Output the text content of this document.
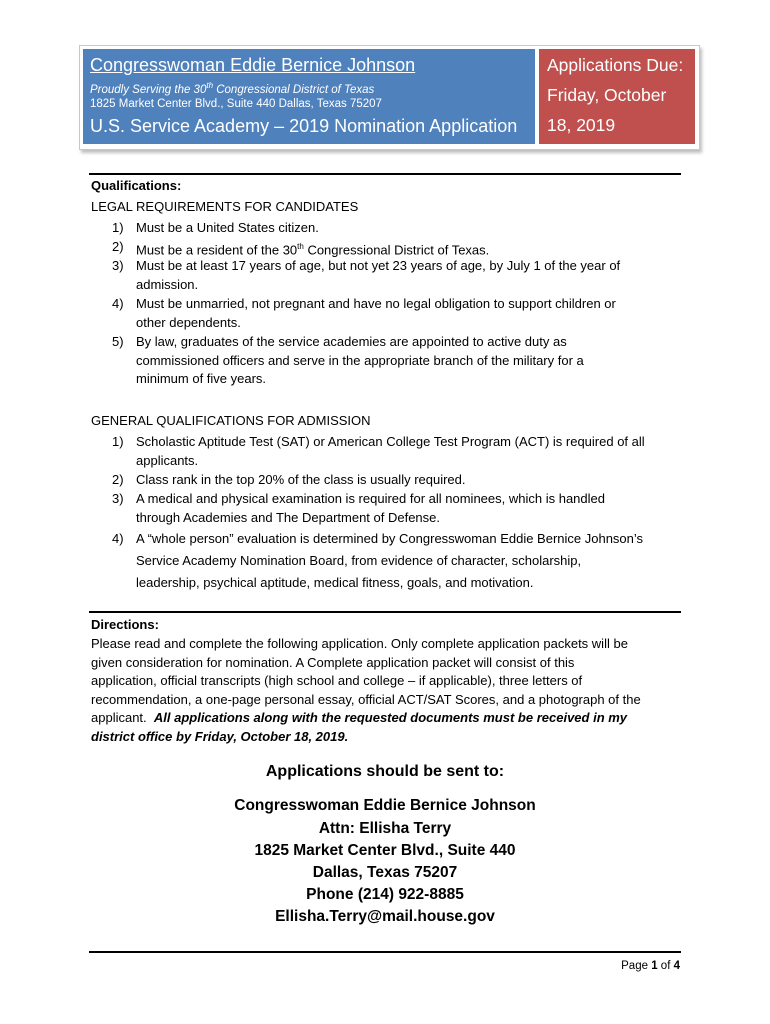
Congresswoman Eddie Bernice Johnson
Proudly Serving the 30th Congressional District of Texas
1825 Market Center Blvd., Suite 440 Dallas, Texas 75207
U.S. Service Academy – 2019 Nomination Application
Applications Due:
Friday, October
18, 2019
Qualifications:
LEGAL REQUIREMENTS FOR CANDIDATES
1) Must be a United States citizen.
2) Must be a resident of the 30th Congressional District of Texas.
3) Must be at least 17 years of age, but not yet 23 years of age, by July 1 of the year of
admission.
4) Must be unmarried, not pregnant and have no legal obligation to support children or
other dependents.
5) By law, graduates of the service academies are appointed to active duty as
commissioned officers and serve in the appropriate branch of the military for a
minimum of five years.
GENERAL QUALIFICATIONS FOR ADMISSION
1) Scholastic Aptitude Test (SAT) or American College Test Program (ACT) is required of all
applicants.
2) Class rank in the top 20% of the class is usually required.
3) A medical and physical examination is required for all nominees, which is handled
through Academies and The Department of Defense.
4) A “whole person” evaluation is determined by Congresswoman Eddie Bernice Johnson’s
Service Academy Nomination Board, from evidence of character, scholarship,
leadership, psychical aptitude, medical fitness, goals, and motivation.
Directions:
Please read and complete the following application. Only complete application packets will be
given consideration for nomination. A Complete application packet will consist of this
application, official transcripts (high school and college – if applicable), three letters of
recommendation, a one-page personal essay, official ACT/SAT Scores, and a photograph of the
applicant.  All applications along with the requested documents must be received in my
district office by Friday, October 18, 2019.
Applications should be sent to:
Congresswoman Eddie Bernice Johnson
Attn: Ellisha Terry
1825 Market Center Blvd., Suite 440
Dallas, Texas 75207
Phone (214) 922-8885
Ellisha.Terry@mail.house.gov
Page 1 of 4
